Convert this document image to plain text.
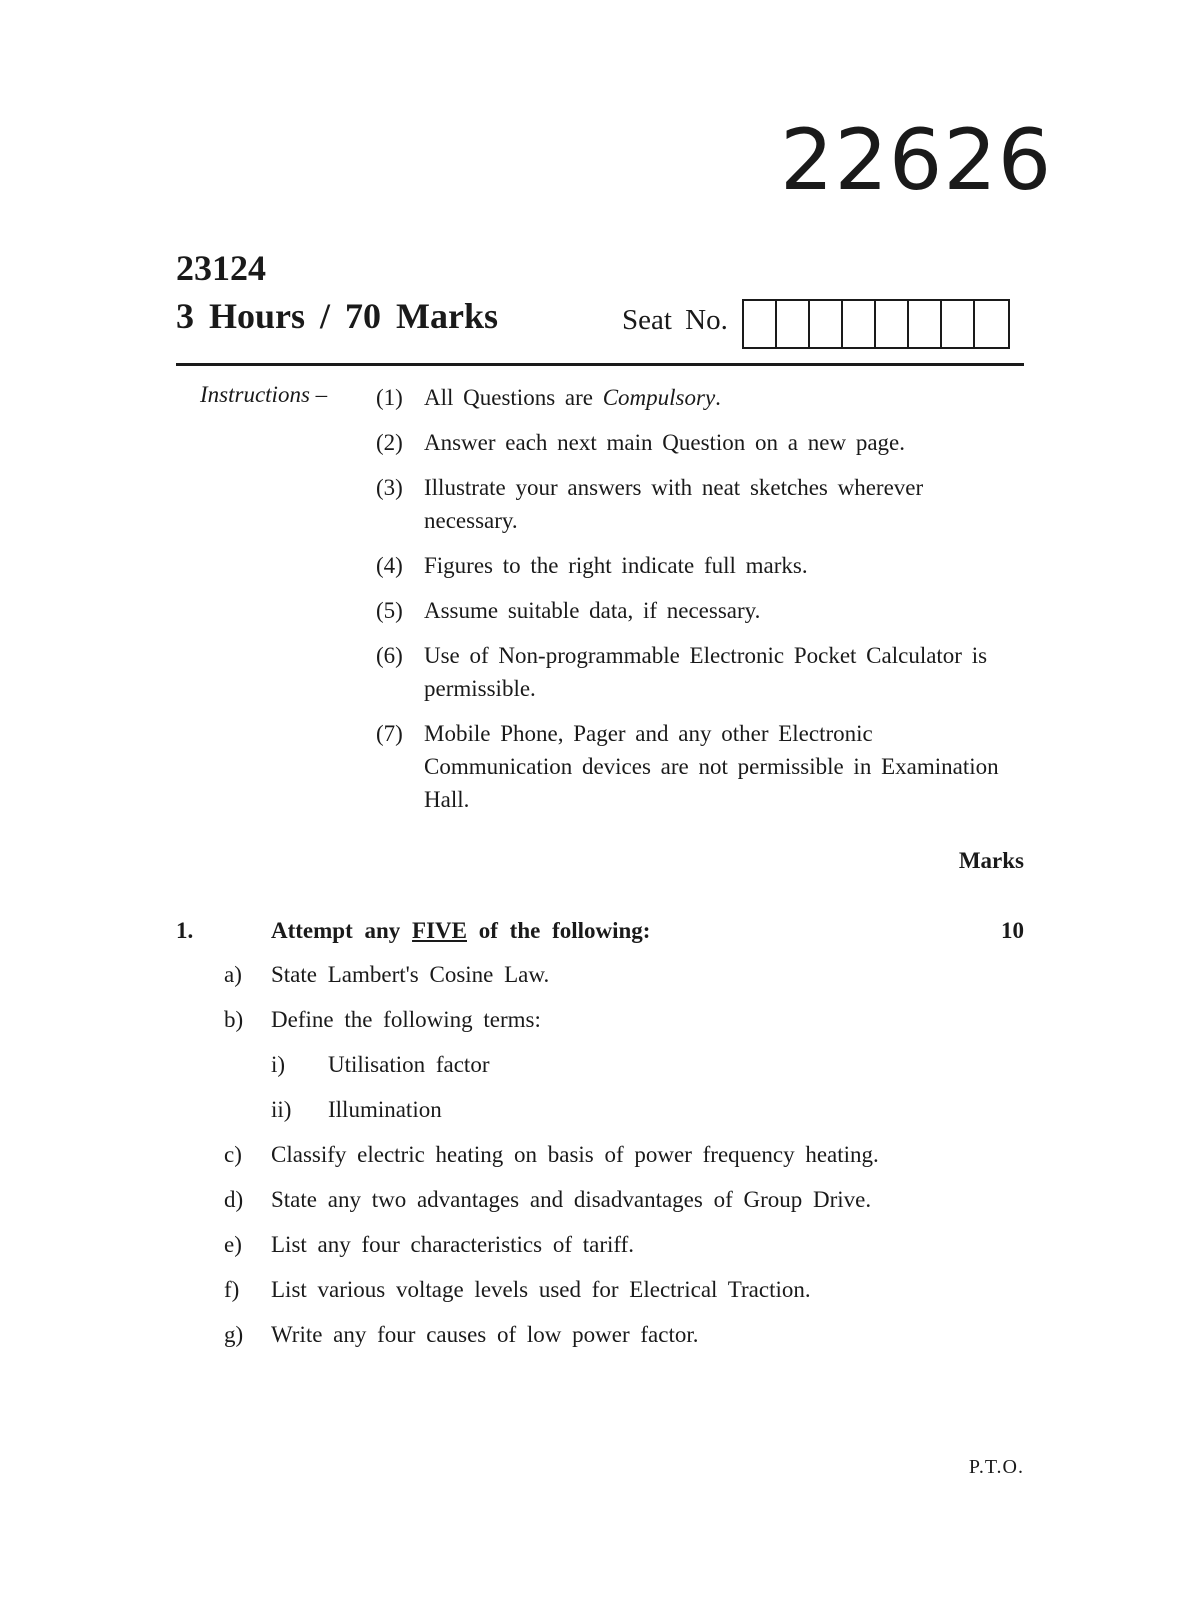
22626
23124
3 Hours / 70 Marks	Seat No.
Instructions – (1) All Questions are Compulsory.
(2) Answer each next main Question on a new page.
(3) Illustrate your answers with neat sketches wherever necessary.
(4) Figures to the right indicate full marks.
(5) Assume suitable data, if necessary.
(6) Use of Non-programmable Electronic Pocket Calculator is permissible.
(7) Mobile Phone, Pager and any other Electronic Communication devices are not permissible in Examination Hall.
Marks
1.	Attempt any FIVE of the following:	10
a) State Lambert's Cosine Law.
b) Define the following terms:
i) Utilisation factor
ii) Illumination
c) Classify electric heating on basis of power frequency heating.
d) State any two advantages and disadvantages of Group Drive.
e) List any four characteristics of tariff.
f) List various voltage levels used for Electrical Traction.
g) Write any four causes of low power factor.
P.T.O.
